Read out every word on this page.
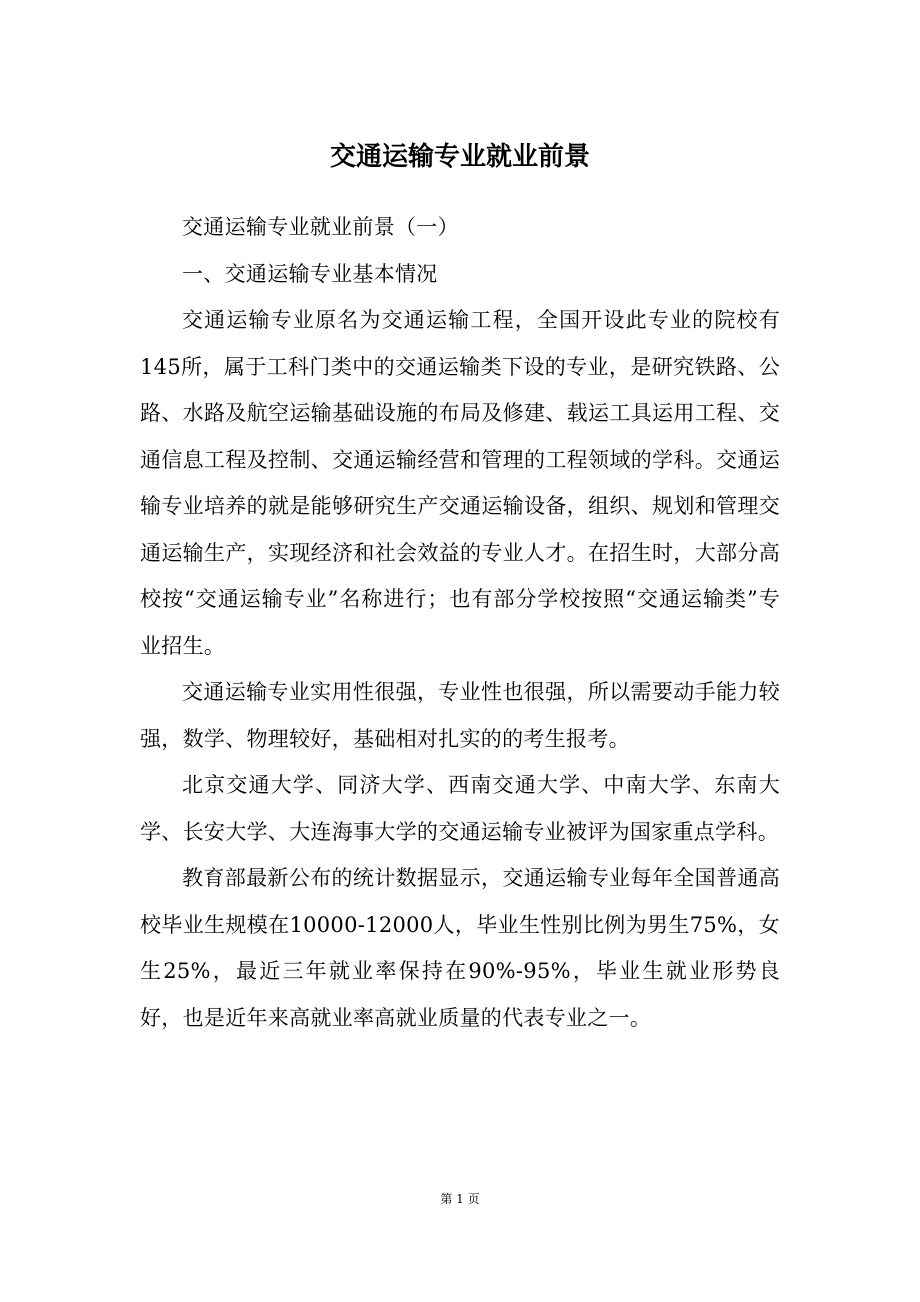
交通运输专业就业前景

交通运输专业就业前景（一）

一、交通运输专业基本情况

交通运输专业原名为交通运输工程，全国开设此专业的院校有145所，属于工科门类中的交通运输类下设的专业，是研究铁路、公路、水路及航空运输基础设施的布局及修建、载运工具运用工程、交通信息工程及控制、交通运输经营和管理的工程领域的学科。交通运输专业培养的就是能够研究生产交通运输设备，组织、规划和管理交通运输生产，实现经济和社会效益的专业人才。在招生时，大部分高校按“交通运输专业”名称进行；也有部分学校按照“交通运输类”专业招生。

交通运输专业实用性很强，专业性也很强，所以需要动手能力较强，数学、物理较好，基础相对扎实的的考生报考。

北京交通大学、同济大学、西南交通大学、中南大学、东南大学、长安大学、大连海事大学的交通运输专业被评为国家重点学科。

教育部最新公布的统计数据显示，交通运输专业每年全国普通高校毕业生规模在10000-12000人，毕业生性别比例为男生75%，女生25%，最近三年就业率保持在90%-95%，毕业生就业形势良好，也是近年来高就业率高就业质量的代表专业之一。

第 1 页
